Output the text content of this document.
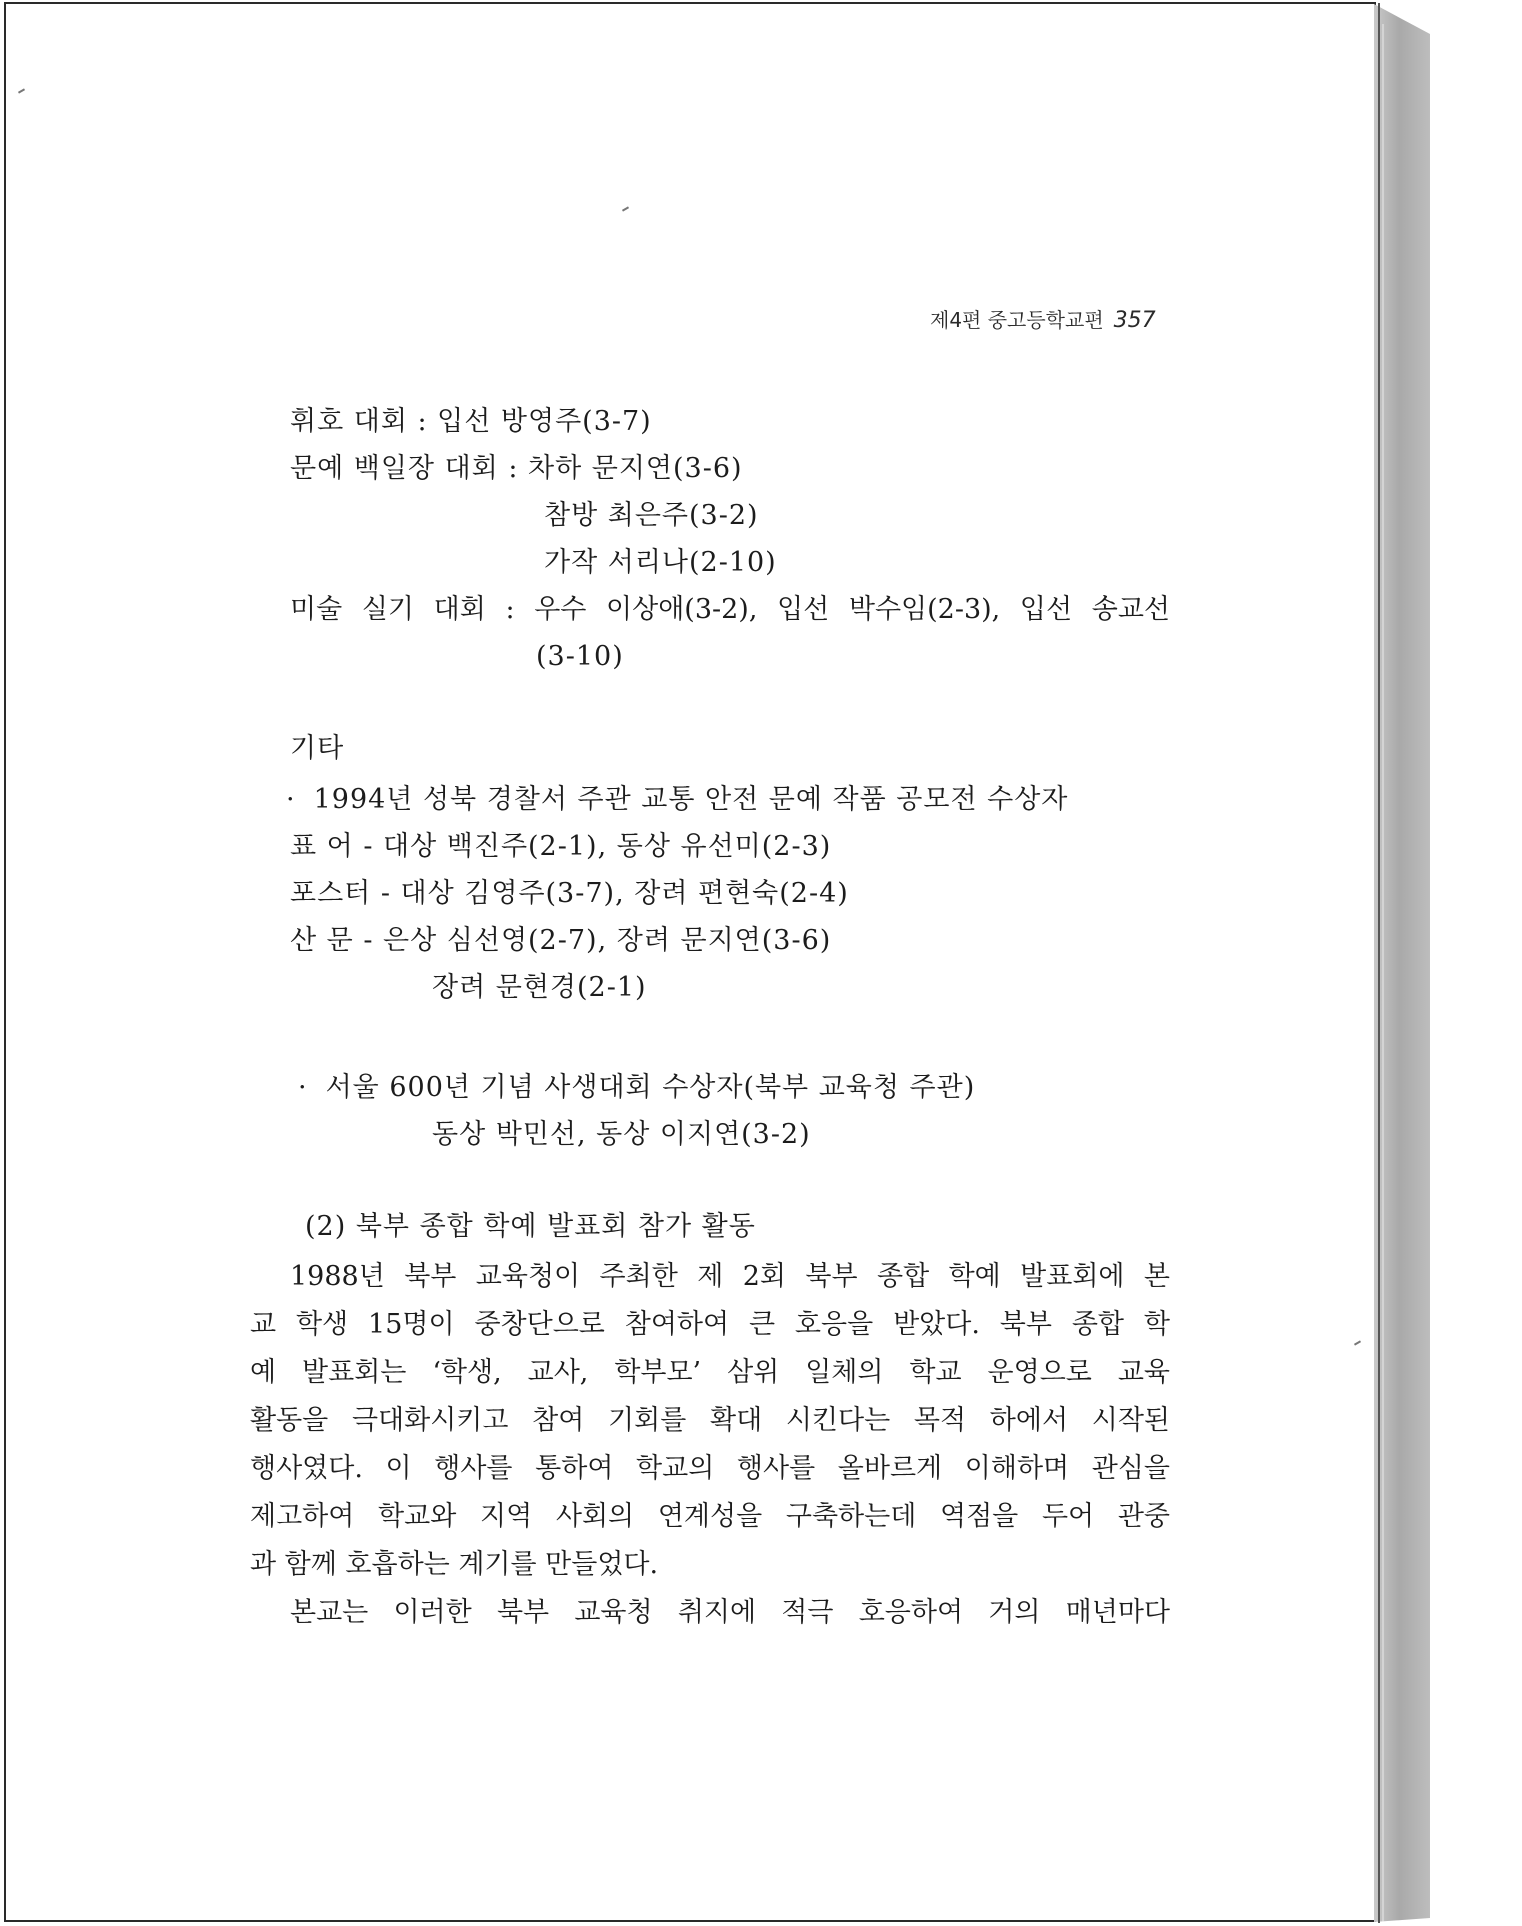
제4편 중고등학교편 357
휘호 대회 : 입선 방영주(3-7)
문예 백일장 대회 : 차하 문지연(3-6)
참방 최은주(3-2)
가작 서리나(2-10)
미술 실기 대회 : 우수 이상애(3-2), 입선 박수임(2-3), 입선 송교선
(3-10)
기타
· 1994년 성북 경찰서 주관 교통 안전 문예 작품 공모전 수상자
표 어 - 대상 백진주(2-1), 동상 유선미(2-3)
포스터 - 대상 김영주(3-7), 장려 편현숙(2-4)
산 문 - 은상 심선영(2-7), 장려 문지연(3-6)
장려 문현경(2-1)
· 서울 600년 기념 사생대회 수상자(북부 교육청 주관)
동상 박민선, 동상 이지연(3-2)
(2) 북부 종합 학예 발표회 참가 활동
1988년 북부 교육청이 주최한 제 2회 북부 종합 학예 발표회에 본
교 학생 15명이 중창단으로 참여하여 큰 호응을 받았다. 북부 종합 학
예 발표회는 ‘학생, 교사, 학부모’ 삼위 일체의 학교 운영으로 교육
활동을 극대화시키고 참여 기회를 확대 시킨다는 목적 하에서 시작된
행사였다. 이 행사를 통하여 학교의 행사를 올바르게 이해하며 관심을
제고하여 학교와 지역 사회의 연계성을 구축하는데 역점을 두어 관중
과 함께 호흡하는 계기를 만들었다.
본교는 이러한 북부 교육청 취지에 적극 호응하여 거의 매년마다
